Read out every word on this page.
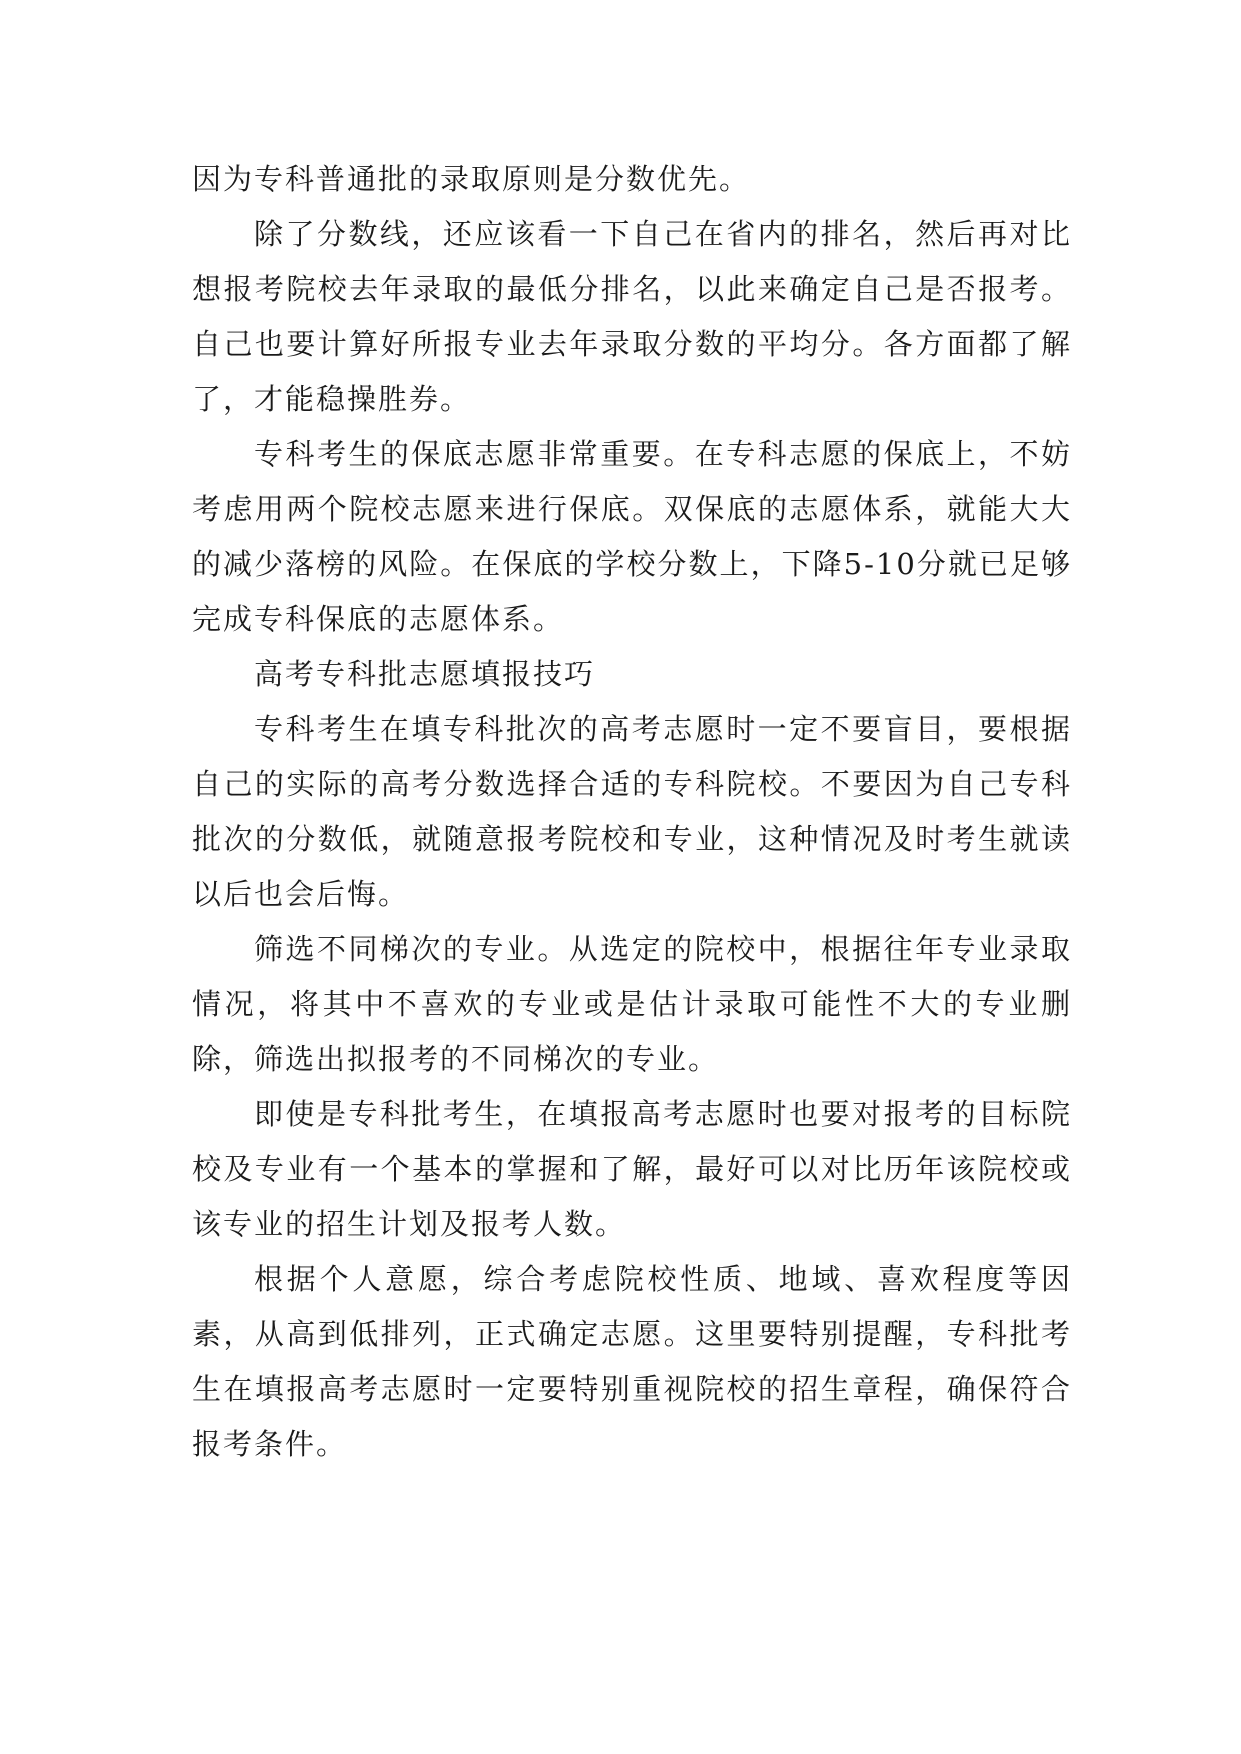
因为专科普通批的录取原则是分数优先。

除了分数线，还应该看一下自己在省内的排名，然后再对比想报考院校去年录取的最低分排名，以此来确定自己是否报考。自己也要计算好所报专业去年录取分数的平均分。各方面都了解了，才能稳操胜券。

专科考生的保底志愿非常重要。在专科志愿的保底上，不妨考虑用两个院校志愿来进行保底。双保底的志愿体系，就能大大的减少落榜的风险。在保底的学校分数上，下降5-10分就已足够完成专科保底的志愿体系。

高考专科批志愿填报技巧

专科考生在填专科批次的高考志愿时一定不要盲目，要根据自己的实际的高考分数选择合适的专科院校。不要因为自己专科批次的分数低，就随意报考院校和专业，这种情况及时考生就读以后也会后悔。

筛选不同梯次的专业。从选定的院校中，根据往年专业录取情况，将其中不喜欢的专业或是估计录取可能性不大的专业删除，筛选出拟报考的不同梯次的专业。

即使是专科批考生，在填报高考志愿时也要对报考的目标院校及专业有一个基本的掌握和了解，最好可以对比历年该院校或该专业的招生计划及报考人数。

根据个人意愿，综合考虑院校性质、地域、喜欢程度等因素，从高到低排列，正式确定志愿。这里要特别提醒，专科批考生在填报高考志愿时一定要特别重视院校的招生章程，确保符合报考条件。
